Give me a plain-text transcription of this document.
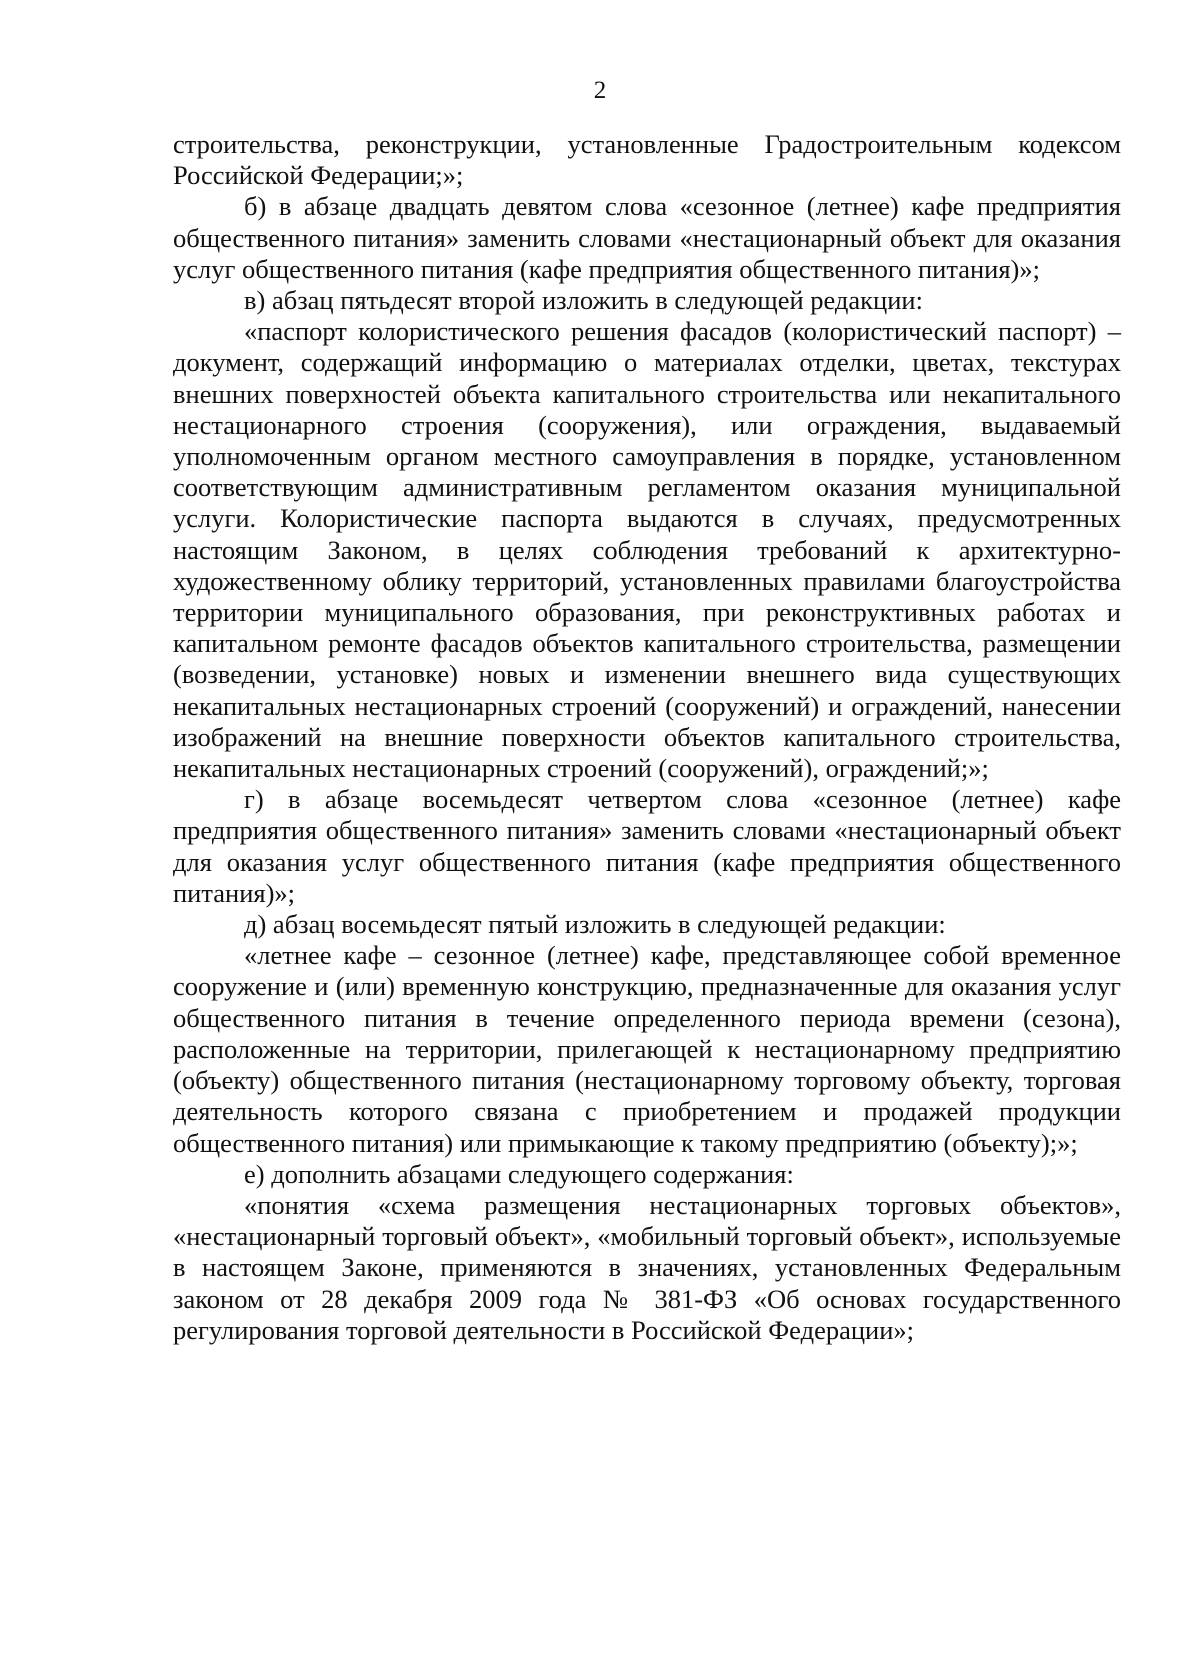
2

строительства, реконструкции, установленные Градостроительным кодексом Российской Федерации;»;

б) в абзаце двадцать девятом слова «сезонное (летнее) кафе предприятия общественного питания» заменить словами «нестационарный объект для оказания услуг общественного питания (кафе предприятия общественного питания)»;

в) абзац пятьдесят второй изложить в следующей редакции:

«паспорт колористического решения фасадов (колористический паспорт) – документ, содержащий информацию о материалах отделки, цветах, текстурах внешних поверхностей объекта капитального строительства или некапитального нестационарного строения (сооружения), или ограждения, выдаваемый уполномоченным органом местного самоуправления в порядке, установленном соответствующим административным регламентом оказания муниципальной услуги. Колористические паспорта выдаются в случаях, предусмотренных настоящим Законом, в целях соблюдения требований к архитектурно-художественному облику территорий, установленных правилами благоустройства территории муниципального образования, при реконструктивных работах и капитальном ремонте фасадов объектов капитального строительства, размещении (возведении, установке) новых и изменении внешнего вида существующих некапитальных нестационарных строений (сооружений) и ограждений, нанесении изображений на внешние поверхности объектов капитального строительства, некапитальных нестационарных строений (сооружений), ограждений;»;

г) в абзаце восемьдесят четвертом слова «сезонное (летнее) кафе предприятия общественного питания» заменить словами «нестационарный объект для оказания услуг общественного питания (кафе предприятия общественного питания)»;

д) абзац восемьдесят пятый изложить в следующей редакции:

«летнее кафе – сезонное (летнее) кафе, представляющее собой временное сооружение и (или) временную конструкцию, предназначенные для оказания услуг общественного питания в течение определенного периода времени (сезона), расположенные на территории, прилегающей к нестационарному предприятию (объекту) общественного питания (нестационарному торговому объекту, торговая деятельность которого связана с приобретением и продажей продукции общественного питания) или примыкающие к такому предприятию (объекту);»;

е) дополнить абзацами следующего содержания:

«понятия «схема размещения нестационарных торговых объектов», «нестационарный торговый объект», «мобильный торговый объект», используемые в настоящем Законе, применяются в значениях, установленных Федеральным законом от 28 декабря 2009 года № 381-ФЗ «Об основах государственного регулирования торговой деятельности в Российской Федерации»;
